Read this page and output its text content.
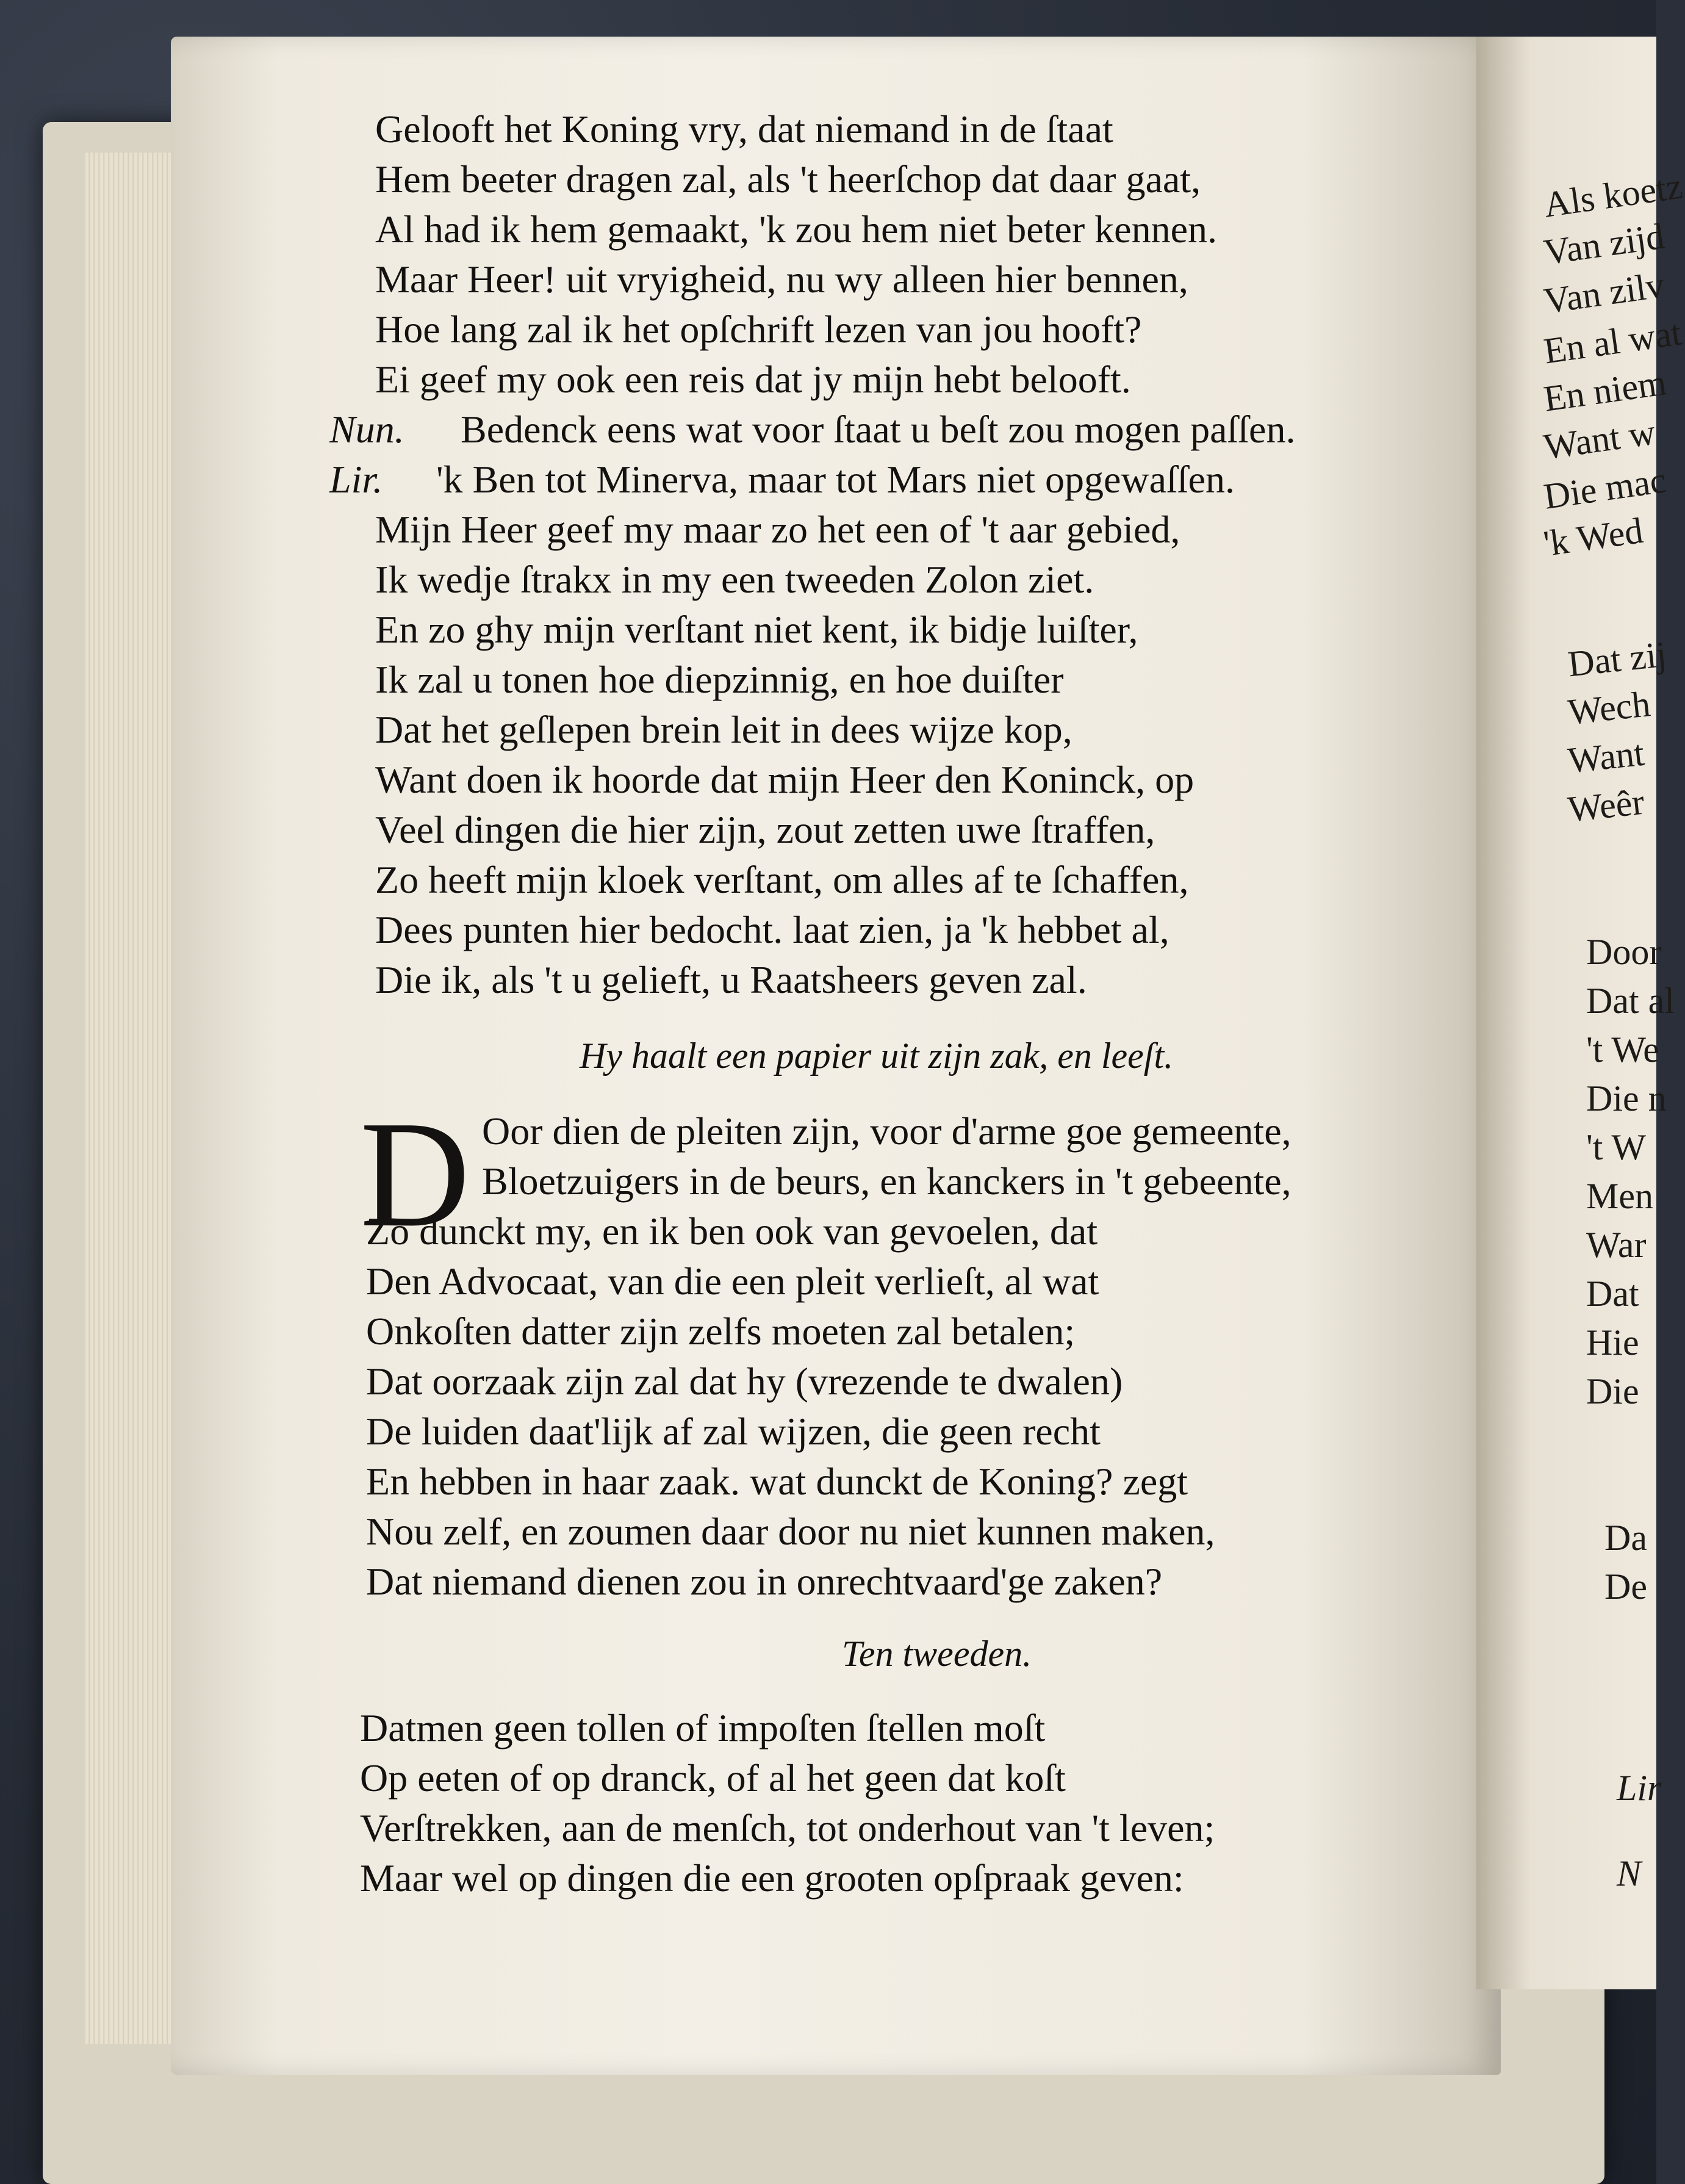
Gelooft het Koning vry, dat niemand in de ſtaat
Hem beeter dragen zal, als 't heerſchop dat daar gaat,
Al had ik hem gemaakt, 'k zou hem niet beter kennen.
Maar Heer! uit vryigheid, nu wy alleen hier bennen,
Hoe lang zal ik het opſchrift lezen van jou hooft?
Ei geef my ook een reis dat jy mijn hebt belooft.
Nun. Bedenck eens wat voor ſtaat u beſt zou mogen paſſen.
Lir. 'k Ben tot Minerva, maar tot Mars niet opgewaſſen.
Mijn Heer geef my maar zo het een of 't aar gebied,
Ik wedje ſtrakx in my een tweeden Zolon ziet.
En zo ghy mijn verſtant niet kent, ik bidje luiſter,
Ik zal u tonen hoe diepzinnig, en hoe duiſter
Dat het geſlepen brein leit in dees wijze kop,
Want doen ik hoorde dat mijn Heer den Koninck, op
Veel dingen die hier zijn, zout zetten uwe ſtraffen,
Zo heeft mijn kloek verſtant, om alles af te ſchaffen,
Dees punten hier bedocht. laat zien, ja 'k hebbet al,
Die ik, als 't u gelieft, u Raatsheers geven zal.
Hy haalt een papier uit zijn zak, en leeſt.
D Oor dien de pleiten zijn, voor d'arme goe gemeente,
Bloetzuigers in de beurs, en kanckers in 't gebeente,
Zo dunckt my, en ik ben ook van gevoelen, dat
Den Advocaat, van die een pleit verlieſt, al wat
Onkoſten datter zijn zelfs moeten zal betalen;
Dat oorzaak zijn zal dat hy (vrezende te dwalen)
De luiden daat'lijk af zal wijzen, die geen recht
En hebben in haar zaak. wat dunckt de Koning? zegt
Nou zelf, en zoumen daar door nu niet kunnen maken,
Dat niemand dienen zou in onrechtvaard'ge zaken?
Ten tweeden.
Datmen geen tollen of impoſten ſtellen moſt
Op eeten of op dranck, of al het geen dat koſt
Verſtrekken, aan de menſch, tot onderhout van 't leven;
Maar wel op dingen die een grooten opſpraak geven:
Als koetz
Van zijd
Van zilv
En al wat
En niem
Want w
Die mac
'k Wed
Dat zij
Wech
Want
Weêr
Door
Dat al
't We
Die n
't W
Men
War
Dat
Hie
Die
Da
De
Lir
N
